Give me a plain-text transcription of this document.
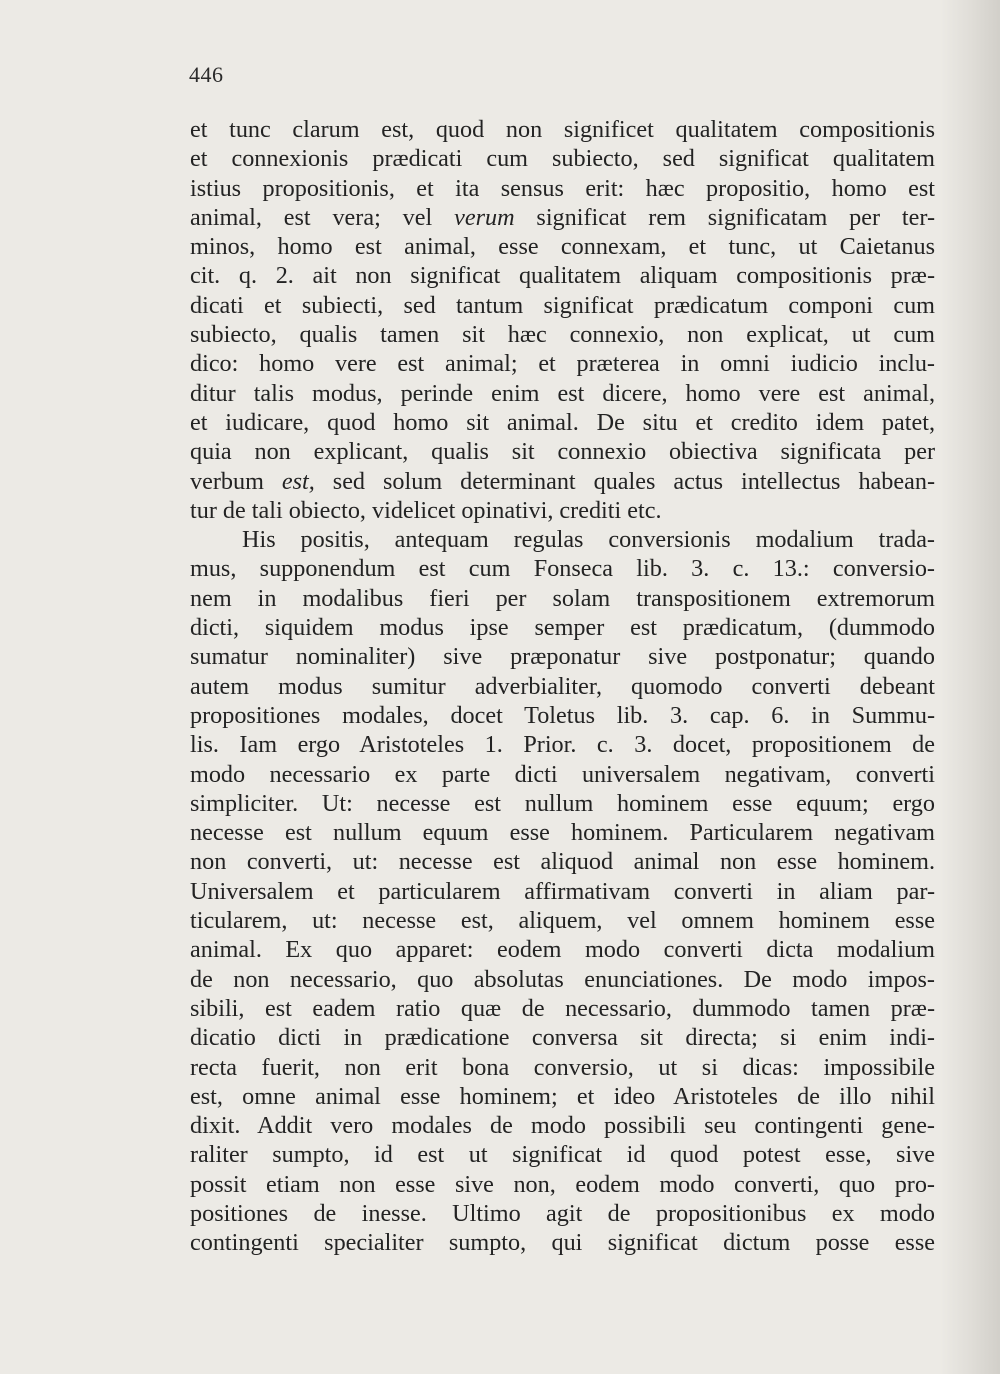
446
et tunc clarum est, quod non significet qualitatem compositionis
et connexionis prædicati cum subiecto, sed significat qualitatem
istius propositionis, et ita sensus erit: hæc propositio, homo est
animal, est vera; vel verum significat rem significatam per ter-
minos, homo est animal, esse connexam, et tunc, ut Caietanus
cit. q. 2. ait non significat qualitatem aliquam compositionis præ-
dicati et subiecti, sed tantum significat prædicatum componi cum
subiecto, qualis tamen sit hæc connexio, non explicat, ut cum
dico: homo vere est animal; et præterea in omni iudicio inclu-
ditur talis modus, perinde enim est dicere, homo vere est animal,
et iudicare, quod homo sit animal. De situ et credito idem patet,
quia non explicant, qualis sit connexio obiectiva significata per
verbum est, sed solum determinant quales actus intellectus habean-
tur de tali obiecto, videlicet opinativi, crediti etc.
His positis, antequam regulas conversionis modalium trada-
mus, supponendum est cum Fonseca lib. 3. c. 13.: conversio-
nem in modalibus fieri per solam transpositionem extremorum
dicti, siquidem modus ipse semper est prædicatum, (dummodo
sumatur nominaliter) sive præponatur sive postponatur; quando
autem modus sumitur adverbialiter, quomodo converti debeant
propositiones modales, docet Toletus lib. 3. cap. 6. in Summu-
lis. Iam ergo Aristoteles 1. Prior. c. 3. docet, propositionem de
modo necessario ex parte dicti universalem negativam, converti
simpliciter. Ut: necesse est nullum hominem esse equum; ergo
necesse est nullum equum esse hominem. Particularem negativam
non converti, ut: necesse est aliquod animal non esse hominem.
Universalem et particularem affirmativam converti in aliam par-
ticularem, ut: necesse est, aliquem, vel omnem hominem esse
animal. Ex quo apparet: eodem modo converti dicta modalium
de non necessario, quo absolutas enunciationes. De modo impos-
sibili, est eadem ratio quæ de necessario, dummodo tamen præ-
dicatio dicti in prædicatione conversa sit directa; si enim indi-
recta fuerit, non erit bona conversio, ut si dicas: impossibile
est, omne animal esse hominem; et ideo Aristoteles de illo nihil
dixit. Addit vero modales de modo possibili seu contingenti gene-
raliter sumpto, id est ut significat id quod potest esse, sive
possit etiam non esse sive non, eodem modo converti, quo pro-
positiones de inesse. Ultimo agit de propositionibus ex modo
contingenti specialiter sumpto, qui significat dictum posse esse
